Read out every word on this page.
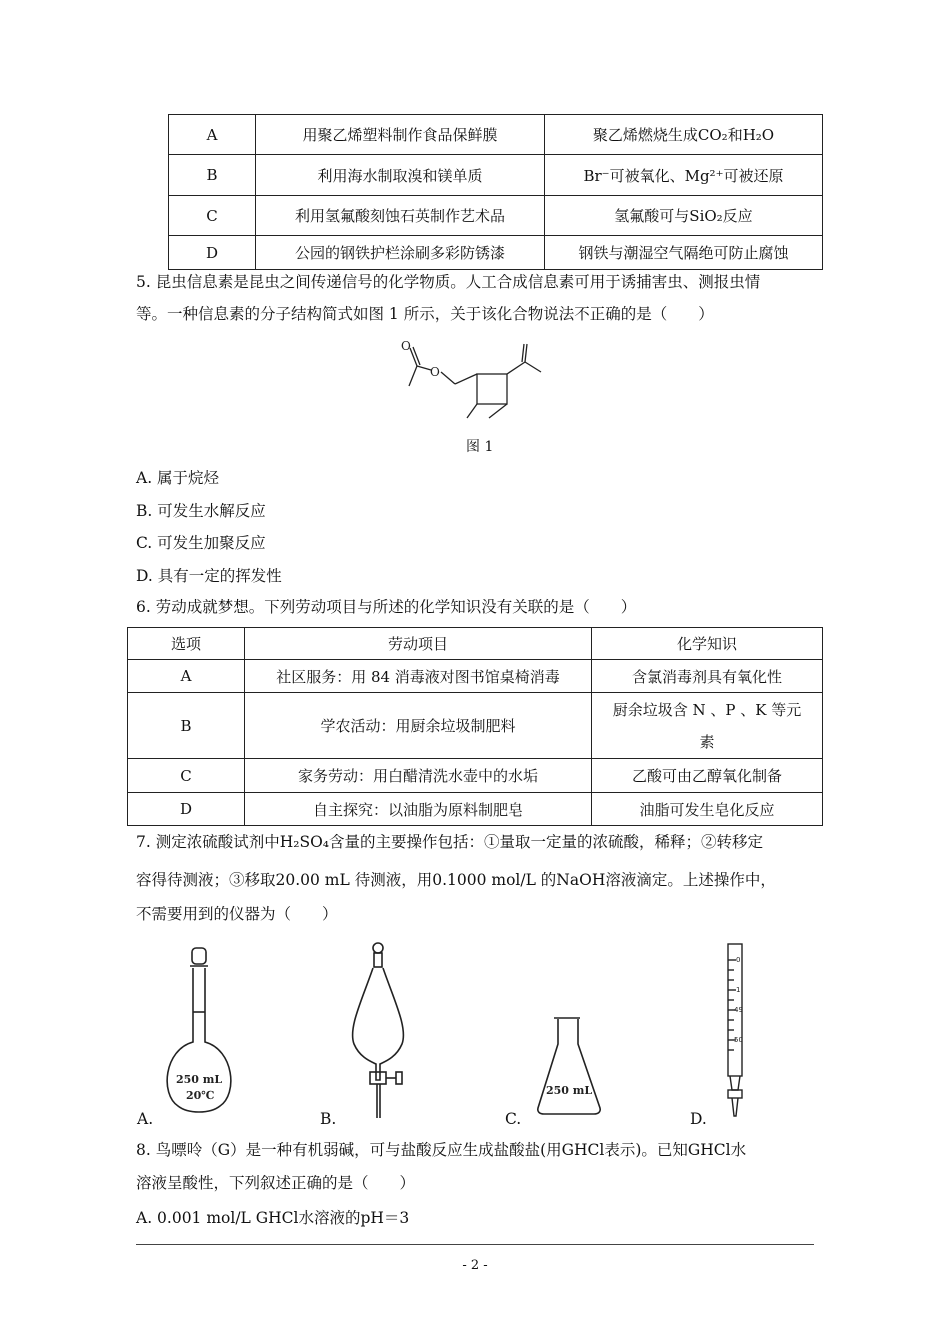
A	用聚乙烯塑料制作食品保鲜膜	聚乙烯燃烧生成CO₂和H₂O
B	利用海水制取溴和镁单质	Br⁻可被氧化、Mg²⁺可被还原
C	利用氢氟酸刻蚀石英制作艺术品	氢氟酸可与SiO₂反应
D	公园的钢铁护栏涂刷多彩防锈漆	钢铁与潮湿空气隔绝可防止腐蚀
5. 昆虫信息素是昆虫之间传递信号的化学物质。人工合成信息素可用于诱捕害虫、测报虫情
等。一种信息素的分子结构简式如图 1 所示，关于该化合物说法不正确的是（　　）
O
O
图 1
A. 属于烷烃
B. 可发生水解反应
C. 可发生加聚反应
D. 具有一定的挥发性
6. 劳动成就梦想。下列劳动项目与所述的化学知识没有关联的是（　　）
选项	劳动项目	化学知识
A	社区服务：用 84 消毒液对图书馆桌椅消毒	含氯消毒剂具有氧化性
B	学农活动：用厨余垃圾制肥料	厨余垃圾含 N 、P 、K 等元
素

C	家务劳动：用白醋清洗水壶中的水垢	乙酸可由乙醇氧化制备
D	自主探究：以油脂为原料制肥皂	油脂可发生皂化反应
7. 测定浓硫酸试剂中H₂SO₄含量的主要操作包括：①量取一定量的浓硫酸，稀释；②转移定
容得待测液；③移取20.00 mL 待测液，用0.1000 mol/L 的NaOH溶液滴定。上述操作中，
不需要用到的仪器为（　　）
250 mL
20℃
A.	B.
250 mL
C.
0
1
49
50
D.
8. 鸟嘌呤（G）是一种有机弱碱，可与盐酸反应生成盐酸盐(用GHCl表示)。已知GHCl水
溶液呈酸性，下列叙述正确的是（　　）
A. 0.001 mol/L GHCl水溶液的pH＝3
- 2 -
